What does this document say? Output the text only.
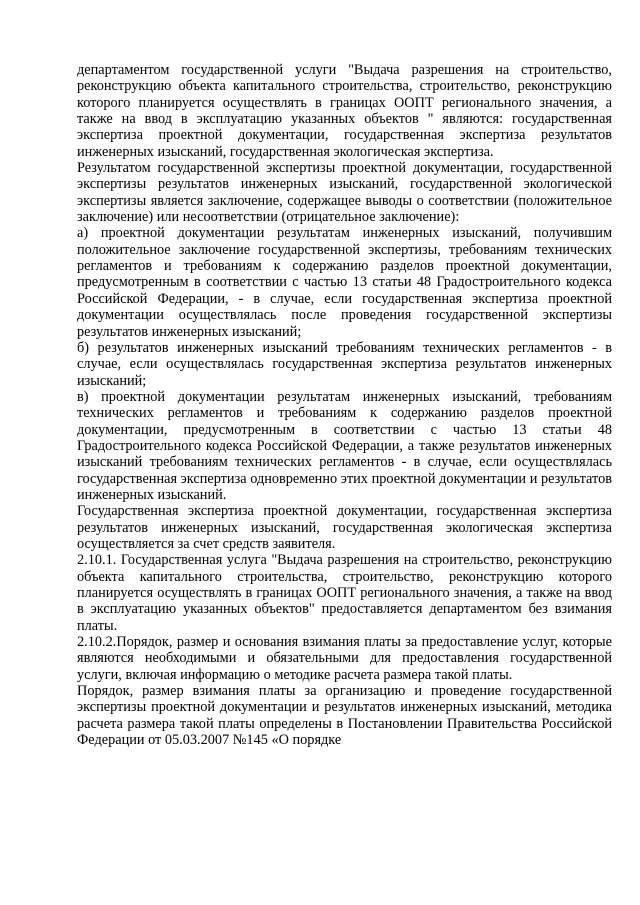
департаментом государственной услуги "Выдача разрешения на строительство, реконструкцию объекта капитального строительства, строительство, реконструкцию которого планируется осуществлять в границах ООПТ регионального значения, а также на ввод в эксплуатацию указанных объектов " являются: государственная экспертиза проектной документации, государственная экспертиза результатов инженерных изысканий, государственная экологическая экспертиза.

Результатом государственной экспертизы проектной документации, государственной экспертизы результатов инженерных изысканий, государственной экологической экспертизы является заключение, содержащее выводы о соответствии (положительное заключение) или несоответствии (отрицательное заключение):

а) проектной документации результатам инженерных изысканий, получившим положительное заключение государственной экспертизы, требованиям технических регламентов и требованиям к содержанию разделов проектной документации, предусмотренным в соответствии с частью 13 статьи 48 Градостроительного кодекса Российской Федерации, - в случае, если государственная экспертиза проектной документации осуществлялась после проведения государственной экспертизы результатов инженерных изысканий;

б) результатов инженерных изысканий требованиям технических регламентов - в случае, если осуществлялась государственная экспертиза результатов инженерных изысканий;

в) проектной документации результатам инженерных изысканий, требованиям технических регламентов и требованиям к содержанию разделов проектной документации, предусмотренным в соответствии с частью 13 статьи 48 Градостроительного кодекса Российской Федерации, а также результатов инженерных изысканий требованиям технических регламентов - в случае, если осуществлялась государственная экспертиза одновременно этих проектной документации и результатов инженерных изысканий.

Государственная экспертиза проектной документации, государственная экспертиза результатов инженерных изысканий, государственная экологическая экспертиза осуществляется за счет средств заявителя.

2.10.1. Государственная услуга "Выдача разрешения на строительство, реконструкцию объекта капитального строительства, строительство, реконструкцию которого планируется осуществлять в границах ООПТ регионального значения, а также на ввод в эксплуатацию указанных объектов" предоставляется департаментом без взимания платы.

2.10.2.Порядок, размер и основания взимания платы за предоставление услуг, которые являются необходимыми и обязательными для предоставления государственной услуги, включая информацию о методике расчета размера такой платы.

Порядок, размер взимания платы за организацию и проведение государственной экспертизы проектной документации и результатов инженерных изысканий, методика расчета размера такой платы определены в Постановлении Правительства Российской Федерации от 05.03.2007 №145 «О порядке
